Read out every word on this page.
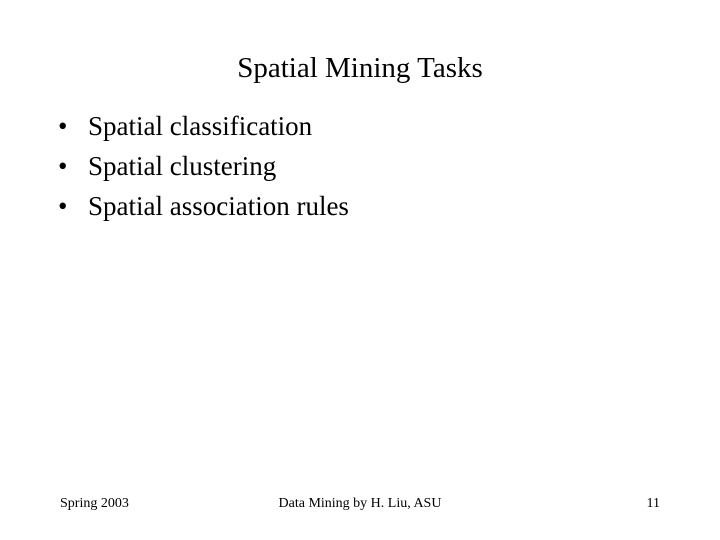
Spatial Mining Tasks
• Spatial classification
• Spatial clustering
• Spatial association rules
Data Mining by H. Liu, ASU
Spring 2003	11
